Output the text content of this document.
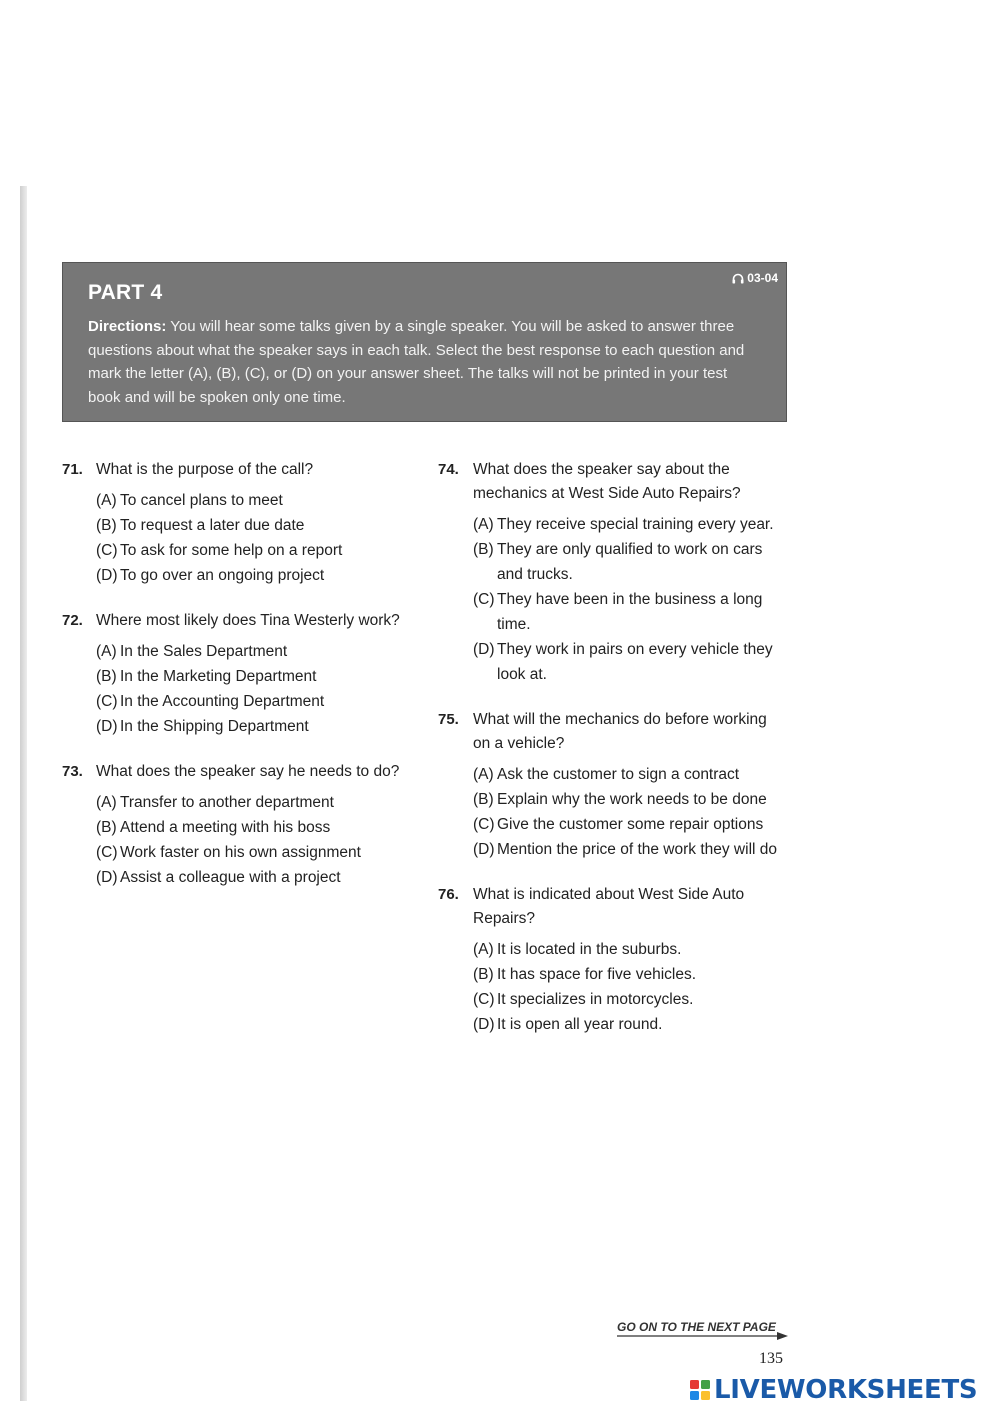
PART 4
03-04
Directions: You will hear some talks given by a single speaker. You will be asked to answer three questions about what the speaker says in each talk. Select the best response to each question and mark the letter (A), (B), (C), or (D) on your answer sheet. The talks will not be printed in your test book and will be spoken only one time.
71. What is the purpose of the call?
(A) To cancel plans to meet
(B) To request a later due date
(C) To ask for some help on a report
(D) To go over an ongoing project
72. Where most likely does Tina Westerly work?
(A) In the Sales Department
(B) In the Marketing Department
(C) In the Accounting Department
(D) In the Shipping Department
73. What does the speaker say he needs to do?
(A) Transfer to another department
(B) Attend a meeting with his boss
(C) Work faster on his own assignment
(D) Assist a colleague with a project
74. What does the speaker say about the mechanics at West Side Auto Repairs?
(A) They receive special training every year.
(B) They are only qualified to work on cars and trucks.
(C) They have been in the business a long time.
(D) They work in pairs on every vehicle they look at.
75. What will the mechanics do before working on a vehicle?
(A) Ask the customer to sign a contract
(B) Explain why the work needs to be done
(C) Give the customer some repair options
(D) Mention the price of the work they will do
76. What is indicated about West Side Auto Repairs?
(A) It is located in the suburbs.
(B) It has space for five vehicles.
(C) It specializes in motorcycles.
(D) It is open all year round.
GO ON TO THE NEXT PAGE
135
LIVEWORKSHEETS
